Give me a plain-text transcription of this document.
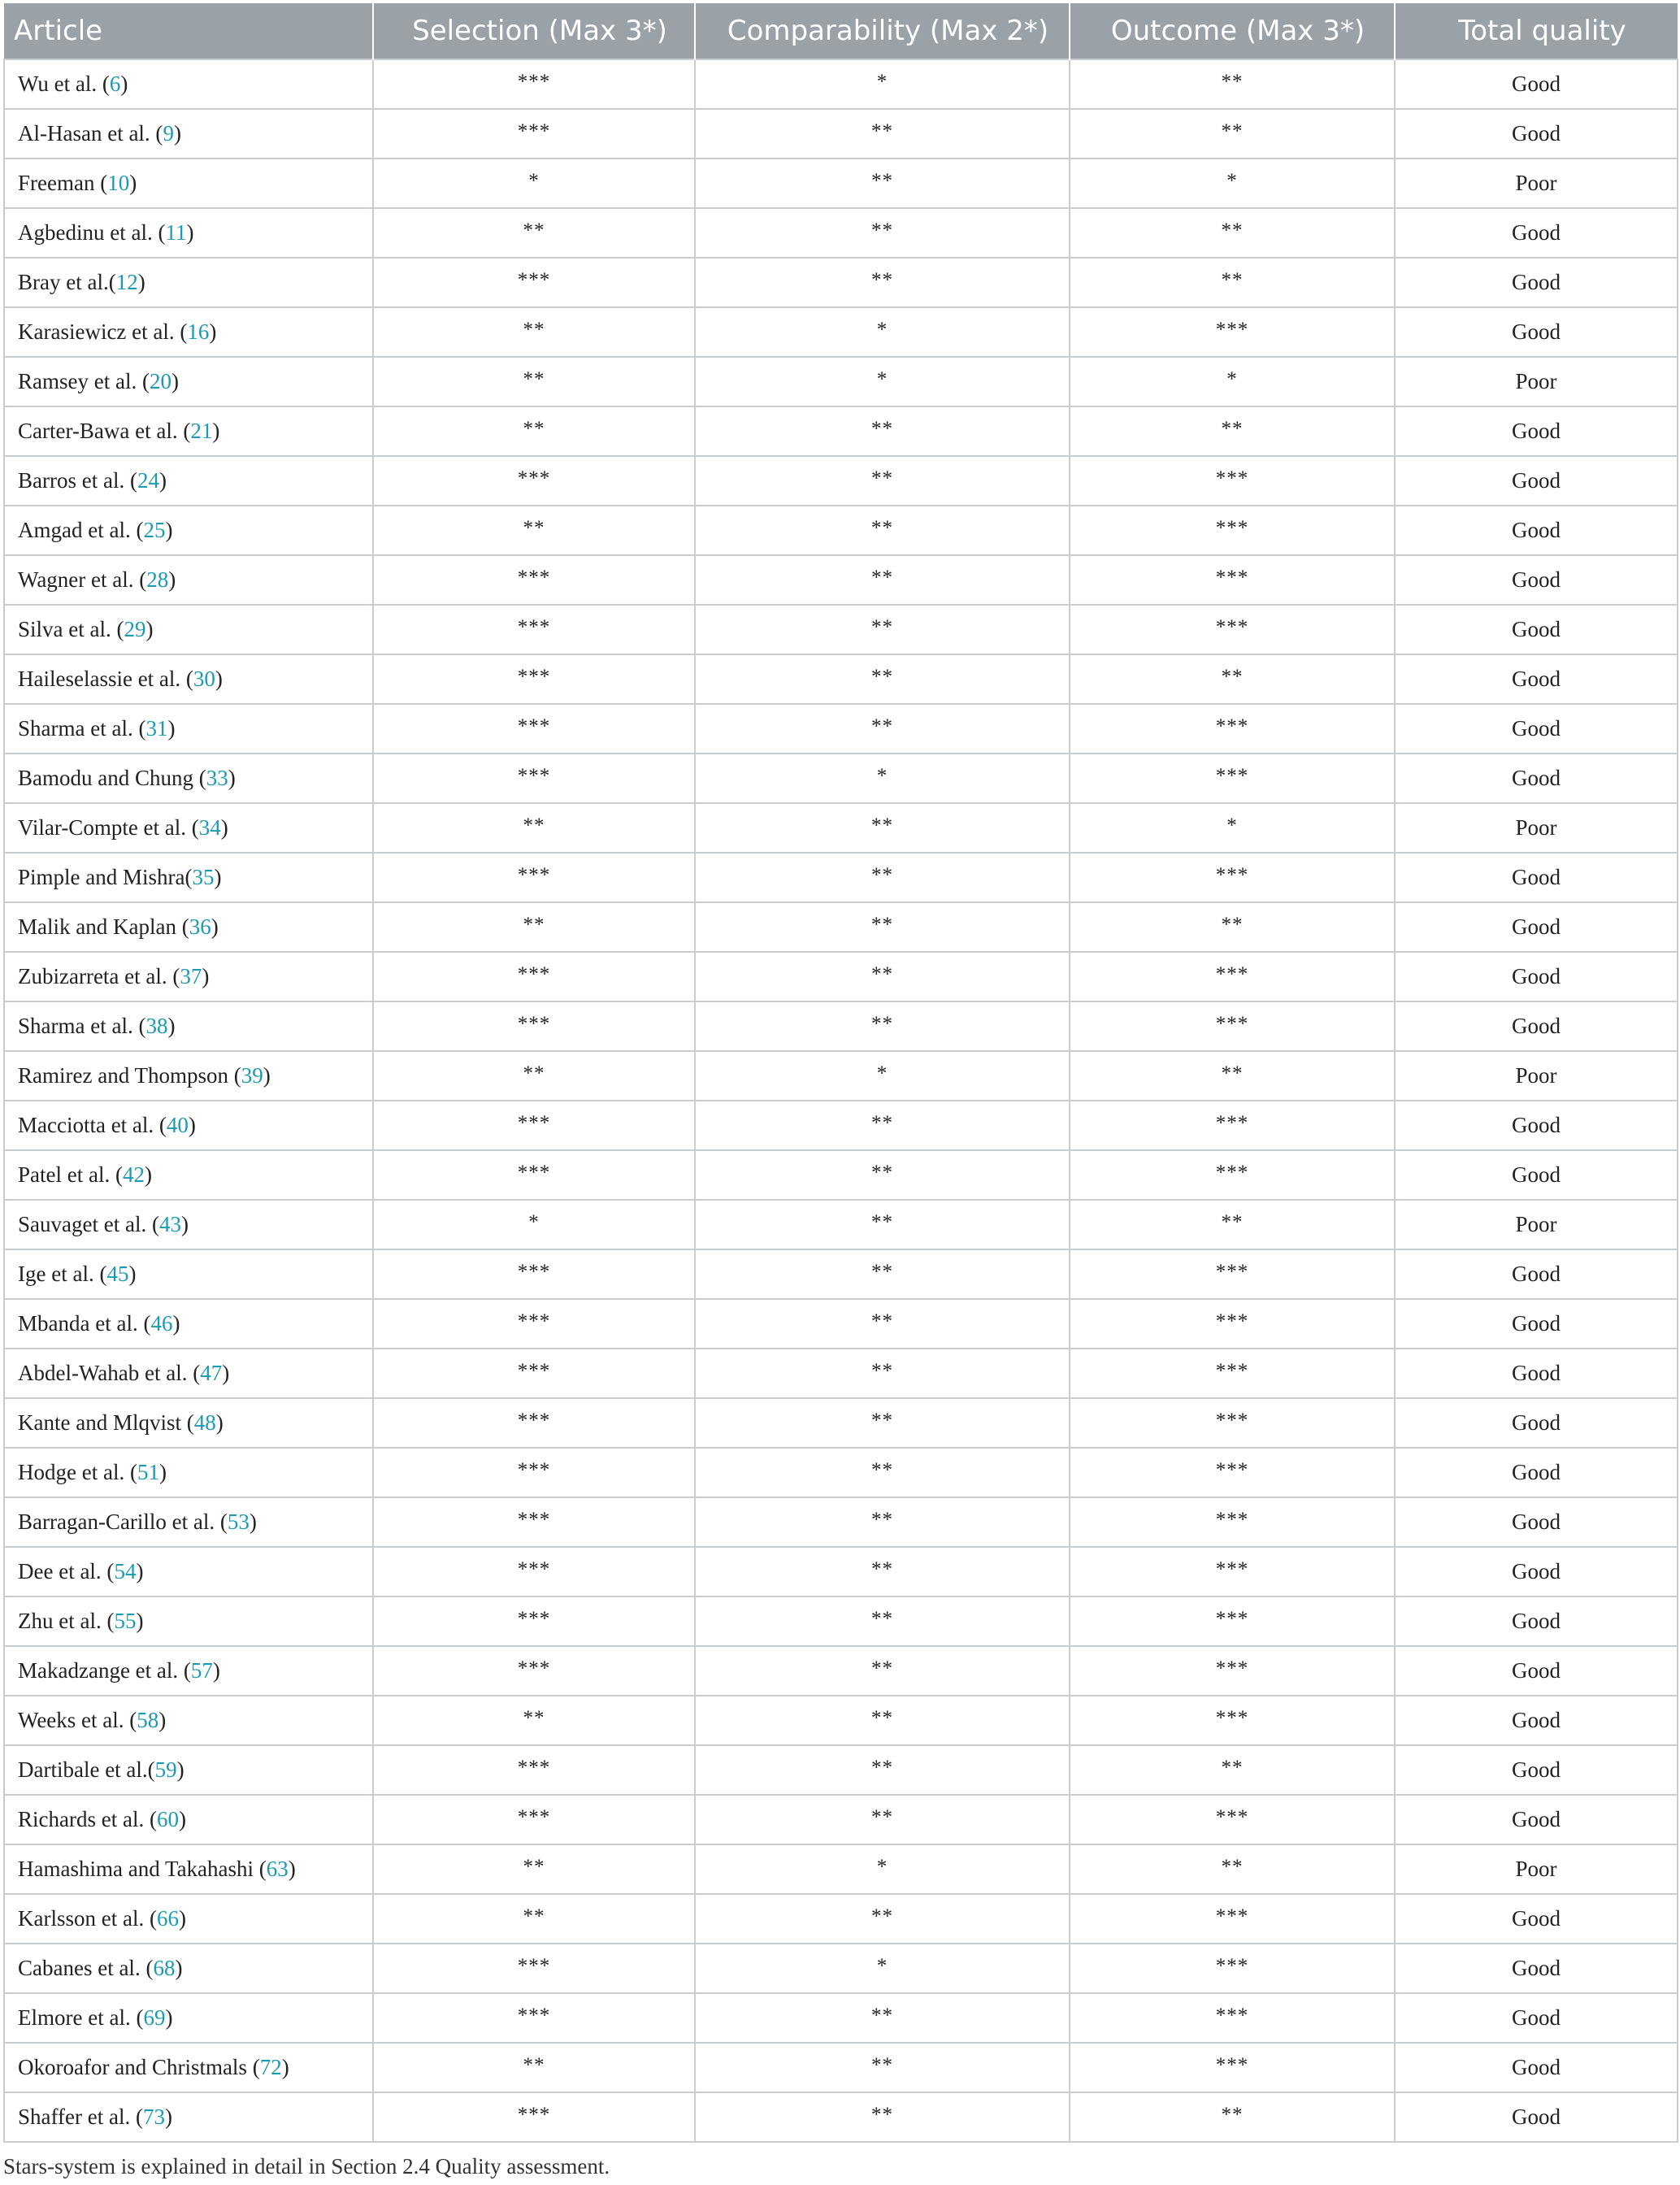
Article	Selection (Max 3*)	Comparability (Max 2*)	Outcome (Max 3*)	Total quality
Wu et al. (6)	***	*	**	Good
Al-Hasan et al. (9)	***	**	**	Good
Freeman (10)	*	**	*	Poor
Agbedinu et al. (11)	**	**	**	Good
Bray et al.(12)	***	**	**	Good
Karasiewicz et al. (16)	**	*	***	Good
Ramsey et al. (20)	**	*	*	Poor
Carter-Bawa et al. (21)	**	**	**	Good
Barros et al. (24)	***	**	***	Good
Amgad et al. (25)	**	**	***	Good
Wagner et al. (28)	***	**	***	Good
Silva et al. (29)	***	**	***	Good
Haileselassie et al. (30)	***	**	**	Good
Sharma et al. (31)	***	**	***	Good
Bamodu and Chung (33)	***	*	***	Good
Vilar-Compte et al. (34)	**	**	*	Poor
Pimple and Mishra(35)	***	**	***	Good
Malik and Kaplan (36)	**	**	**	Good
Zubizarreta et al. (37)	***	**	***	Good
Sharma et al. (38)	***	**	***	Good
Ramirez and Thompson (39)	**	*	**	Poor
Macciotta et al. (40)	***	**	***	Good
Patel et al. (42)	***	**	***	Good
Sauvaget et al. (43)	*	**	**	Poor
Ige et al. (45)	***	**	***	Good
Mbanda et al. (46)	***	**	***	Good
Abdel-Wahab et al. (47)	***	**	***	Good
Kante and Mlqvist (48)	***	**	***	Good
Hodge et al. (51)	***	**	***	Good
Barragan-Carillo et al. (53)	***	**	***	Good
Dee et al. (54)	***	**	***	Good
Zhu et al. (55)	***	**	***	Good
Makadzange et al. (57)	***	**	***	Good
Weeks et al. (58)	**	**	***	Good
Dartibale et al.(59)	***	**	**	Good
Richards et al. (60)	***	**	***	Good
Hamashima and Takahashi (63)	**	*	**	Poor
Karlsson et al. (66)	**	**	***	Good
Cabanes et al. (68)	***	*	***	Good
Elmore et al. (69)	***	**	***	Good
Okoroafor and Christmals (72)	**	**	***	Good
Shaffer et al. (73)	***	**	**	Good
Stars-system is explained in detail in Section 2.4 Quality assessment.
